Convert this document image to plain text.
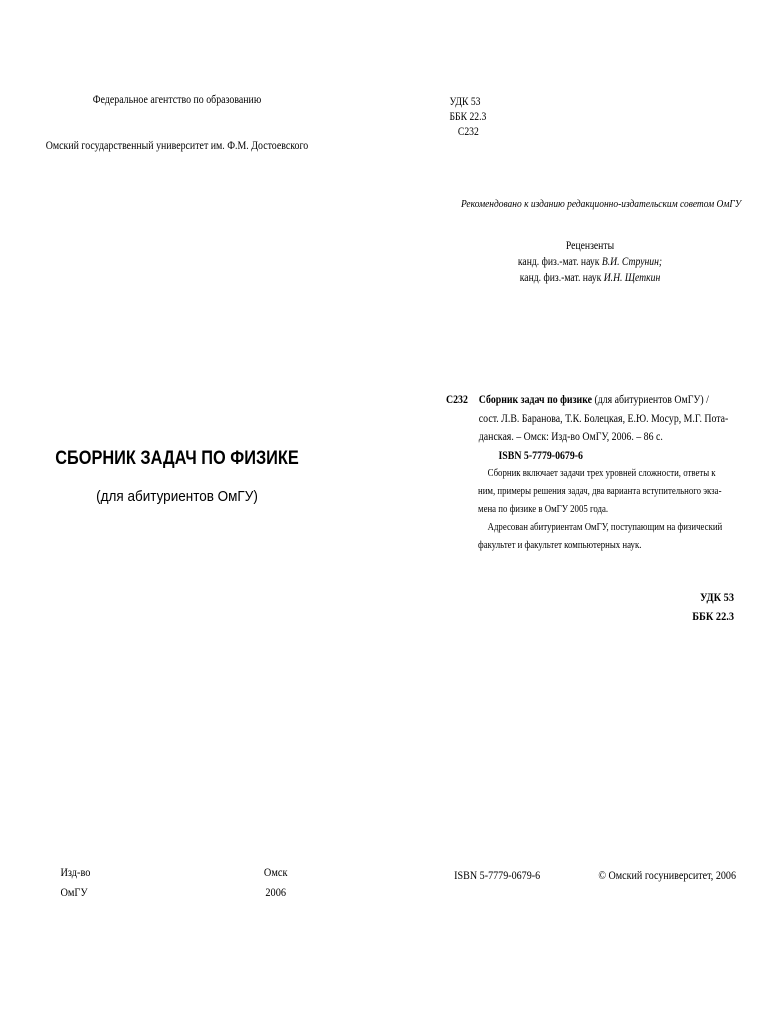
Федеральное агентство по образованию
Омский государственный университет им. Ф.М. Достоевского
СБОРНИК ЗАДАЧ ПО ФИЗИКЕ
(для абитуриентов ОмГУ)
Изд-во
ОмГУ
Омск
2006
УДК 53
ББК 22.3
С232
Рекомендовано к изданию редакционно-издательским советом ОмГУ
Рецензенты
канд. физ.-мат. наук В.И. Струнин;
канд. физ.-мат. наук И.Н. Щеткин
С232 Сборник задач по физике (для абитуриентов ОмГУ) /
сост. Л.В. Баранова, Т.К. Болецкая, Е.Ю. Мосур, М.Г. Пота-
данская. – Омск: Изд-во ОмГУ, 2006. – 86 с.
ISBN 5-7779-0679-6
Сборник включает задачи трех уровней сложности, ответы к
ним, примеры решения задач, два варианта вступительного экза-
мена по физике в ОмГУ 2005 года.
Адресован абитуриентам ОмГУ, поступающим на физический
факультет и факультет компьютерных наук.
УДК 53
ББК 22.3
ISBN 5-7779-0679-6	© Омский госуниверситет, 2006
